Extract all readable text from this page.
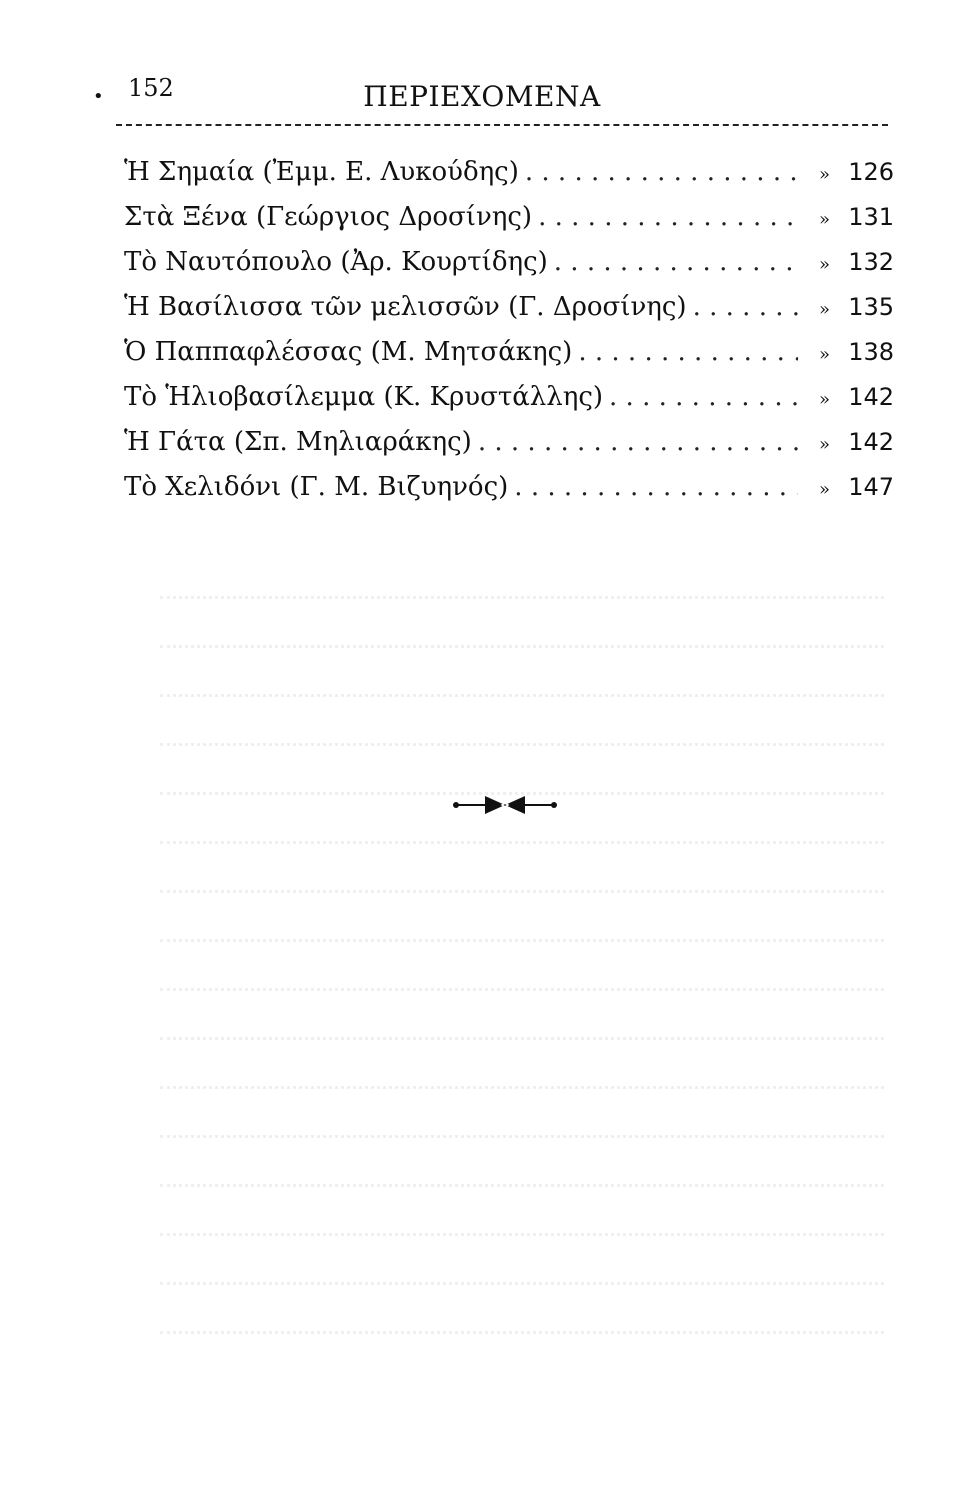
• 152	ΠΕΡΙΕΧΟΜΕΝΑ
Ἡ Σημαία (Ἐμμ. Ε. Λυκούδης) . . .	» 126
Στὰ Ξένα (Γεώργιος Δροσίνης) . . .	» 131
Τὸ Ναυτόπουλο (Ἀρ. Κουρτίδης) . . .	» 132
Ἡ Βασίλισσα τῶν μελισσῶν (Γ. Δροσίνης) . . .	» 135
Ὁ Παππαφλέσσας (Μ. Μητσάκης) . . .	» 138
Τὸ Ἡλιοβασίλεμμα (Κ. Κρυστάλλης) . . .	» 142
Ἡ Γάτα (Σπ. Μηλιαράκης) . . .	» 142
Τὸ Χελιδόνι (Γ. Μ. Βιζυηνός) . . .	» 147
